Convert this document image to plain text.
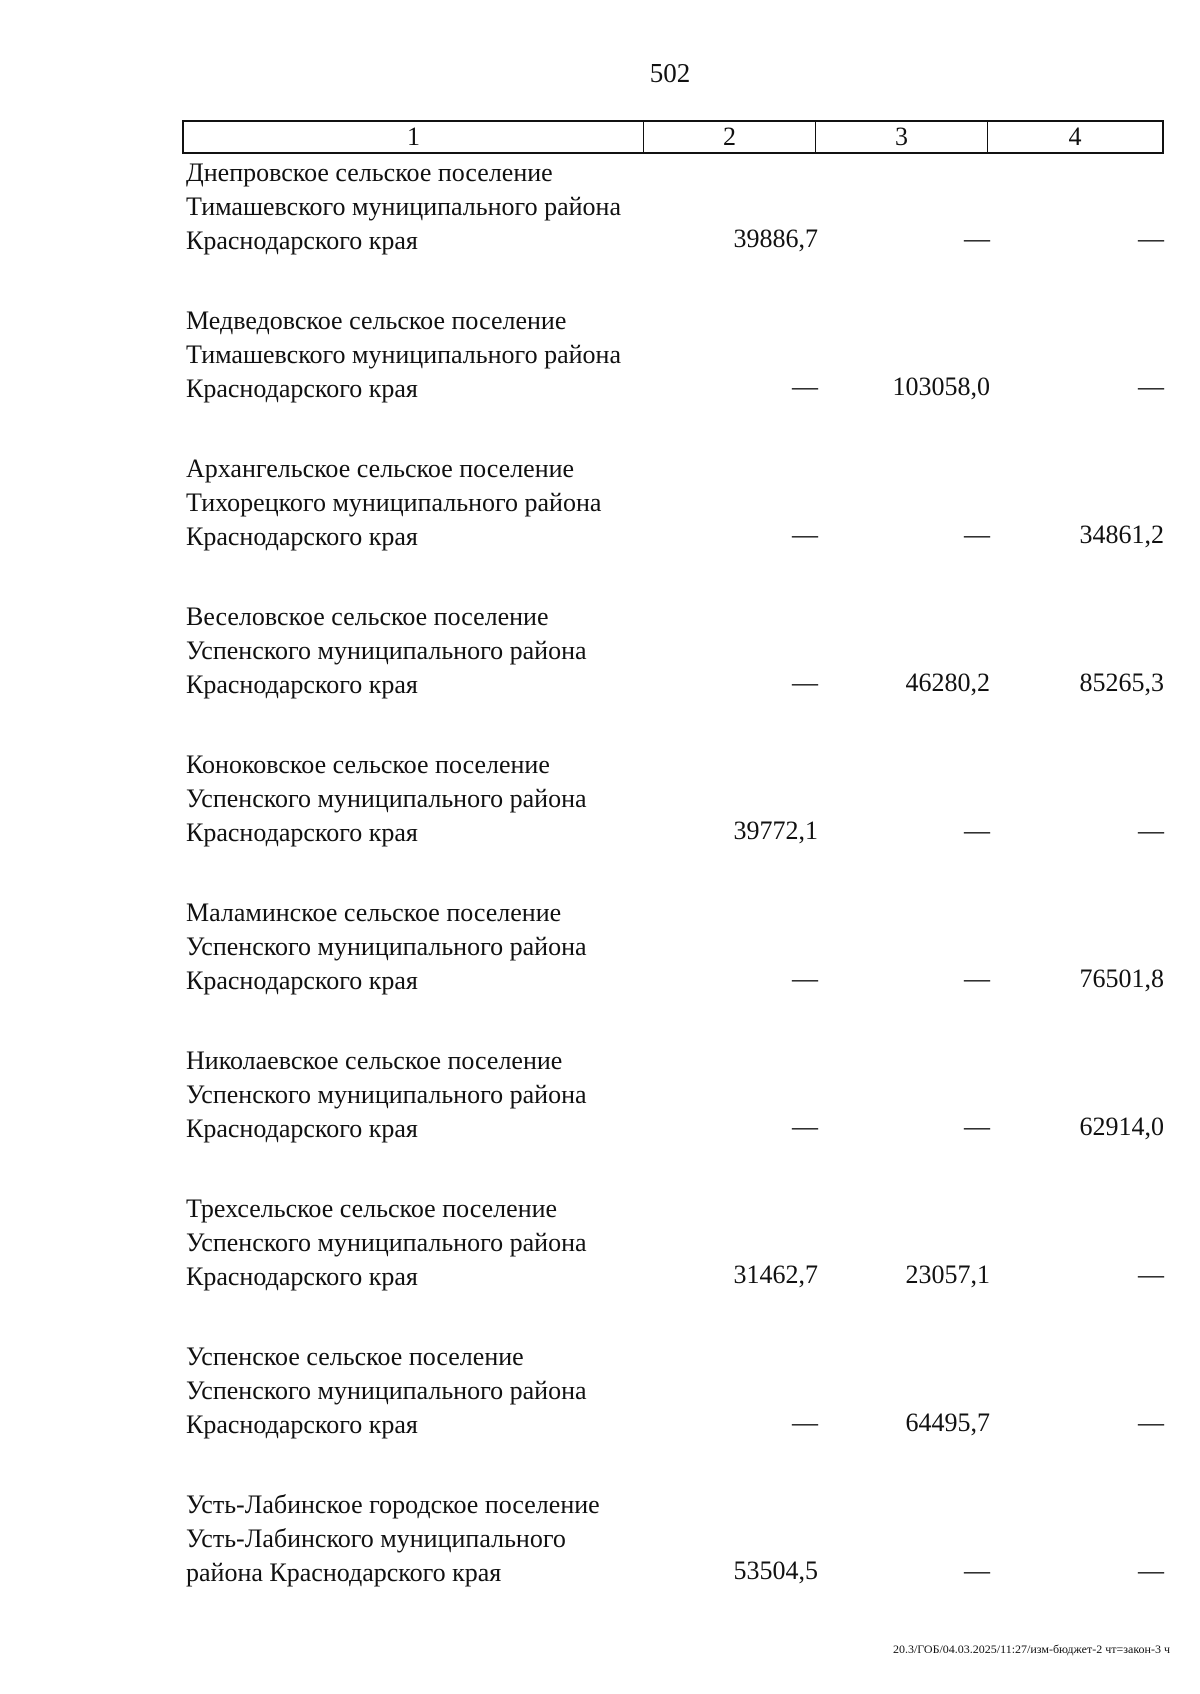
502
1	2	3	4
Днепровское сельское поселение Тимашевского муниципального района Краснодарского края	39886,7	—	—
Медведовское сельское поселение Тимашевского муниципального района Краснодарского края	—	103058,0	—
Архангельское сельское поселение Тихорецкого муниципального района Краснодарского края	—	—	34861,2
Веселовское сельское поселение Успенского муниципального района Краснодарского края	—	46280,2	85265,3
Коноковское сельское поселение Успенского муниципального района Краснодарского края	39772,1	—	—
Маламинское сельское поселение Успенского муниципального района Краснодарского края	—	—	76501,8
Николаевское сельское поселение Успенского муниципального района Краснодарского края	—	—	62914,0
Трехсельское сельское поселение Успенского муниципального района Краснодарского края	31462,7	23057,1	—
Успенское сельское поселение Успенского муниципального района Краснодарского края	—	64495,7	—
Усть-Лабинское городское поселение Усть-Лабинского муниципального района Краснодарского края	53504,5	—	—
20.3/ГОБ/04.03.2025/11:27/изм-бюджет-2 чт=закон-3 ч
